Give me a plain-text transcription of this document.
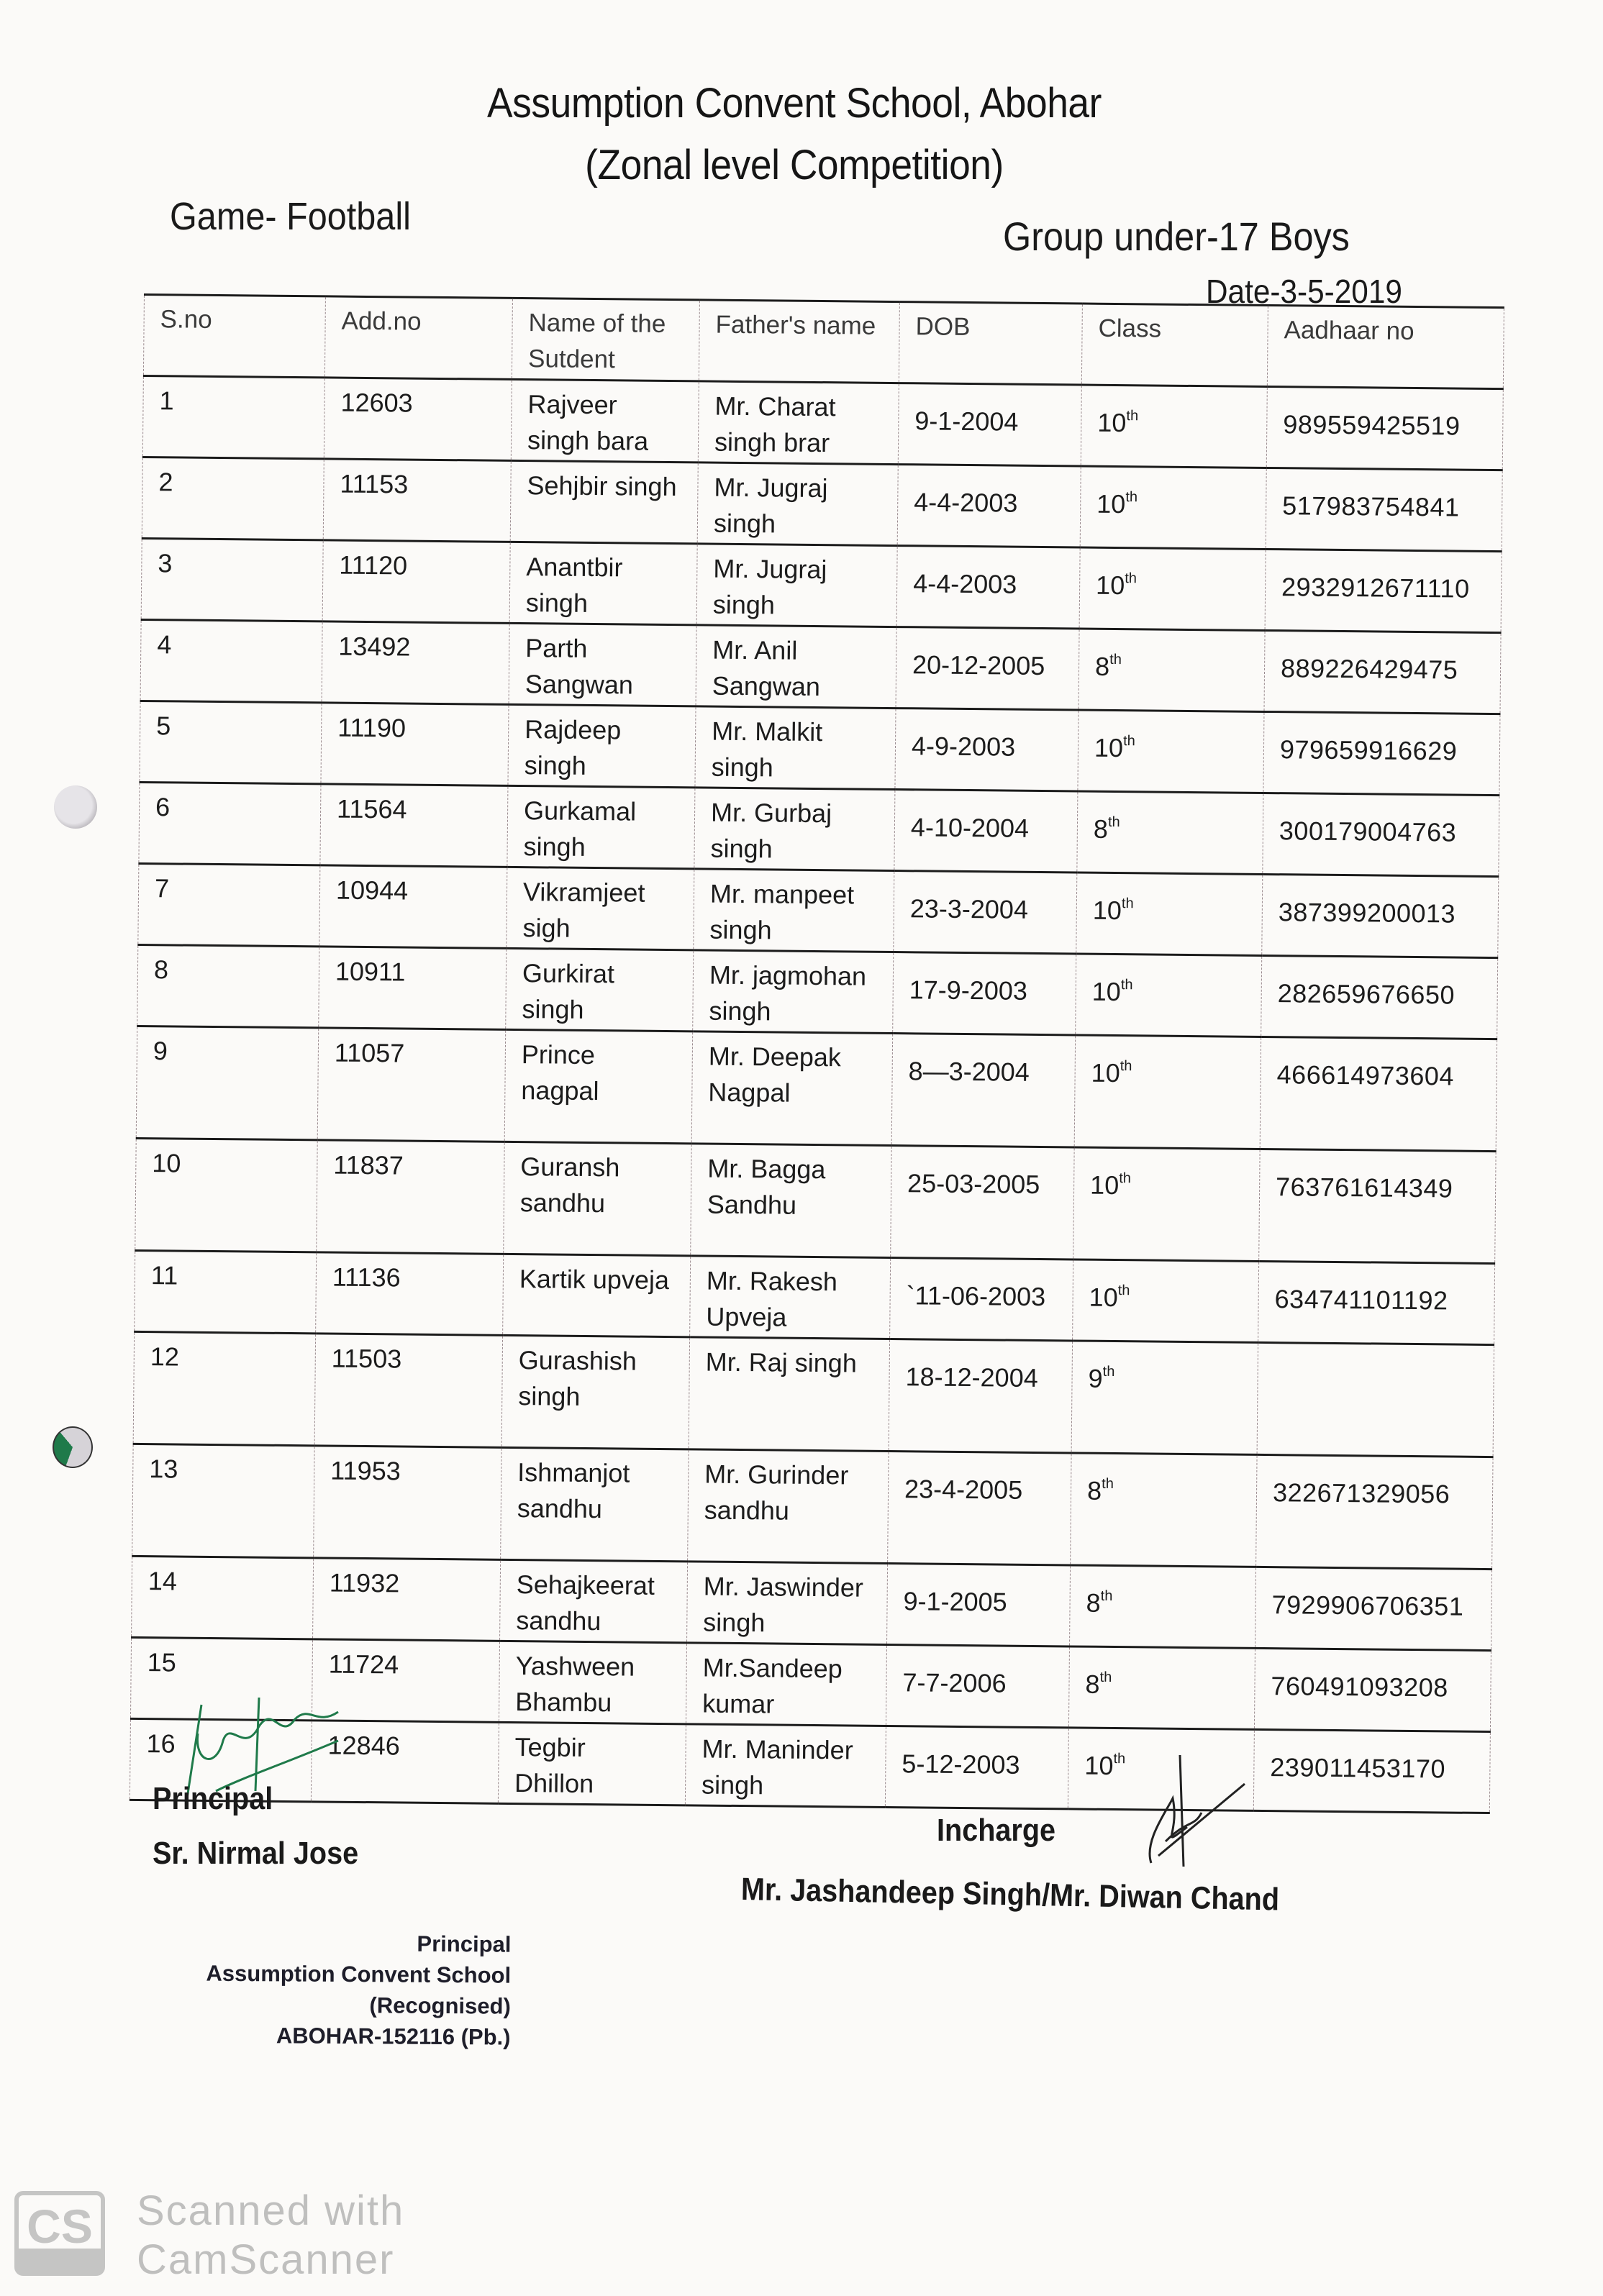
Assumption Convent School, Abohar
(Zonal level Competition)
Game- Football	Group under-17 Boys
Date-3-5-2019
S.no	Add.no	Name of the Sutdent	Father's name	DOB	Class	Aadhaar no
1	12603	Rajveer singh bara	Mr. Charat singh brar	9-1-2004	10th	989559425519
2	11153	Sehjbir singh	Mr. Jugraj singh	4-4-2003	10th	517983754841
3	11120	Anantbir singh	Mr. Jugraj singh	4-4-2003	10th	2932912671110
4	13492	Parth Sangwan	Mr. Anil Sangwan	20-12-2005	8th	889226429475
5	11190	Rajdeep singh	Mr. Malkit singh	4-9-2003	10th	979659916629
6	11564	Gurkamal singh	Mr. Gurbaj singh	4-10-2004	8th	300179004763
7	10944	Vikramjeet sigh	Mr. manpeet singh	23-3-2004	10th	387399200013
8	10911	Gurkirat singh	Mr. jagmohan singh	17-9-2003	10th	282659676650
9	11057	Prince nagpal	Mr. Deepak Nagpal	8—3-2004	10th	466614973604
10	11837	Guransh sandhu	Mr. Bagga Sandhu	25-03-2005	10th	763761614349
11	11136	Kartik upveja	Mr. Rakesh Upveja	`11-06-2003	10th	634741101192
12	11503	Gurashish singh	Mr. Raj singh	18-12-2004	9th	
13	11953	Ishmanjot sandhu	Mr. Gurinder sandhu	23-4-2005	8th	322671329056
14	11932	Sehajkeerat sandhu	Mr. Jaswinder singh	9-1-2005	8th	7929906706351
15	11724	Yashween Bhambu	Mr.Sandeep kumar	7-7-2006	8th	760491093208
16	12846	Tegbir Dhillon	Mr. Maninder singh	5-12-2003	10th	239011453170
Principal
Sr. Nirmal Jose
Incharge
Mr. Jashandeep Singh/Mr. Diwan Chand
Principal
Assumption Convent School
(Recognised)
ABOHAR-152116 (Pb.)
CS Scanned with
CamScanner
